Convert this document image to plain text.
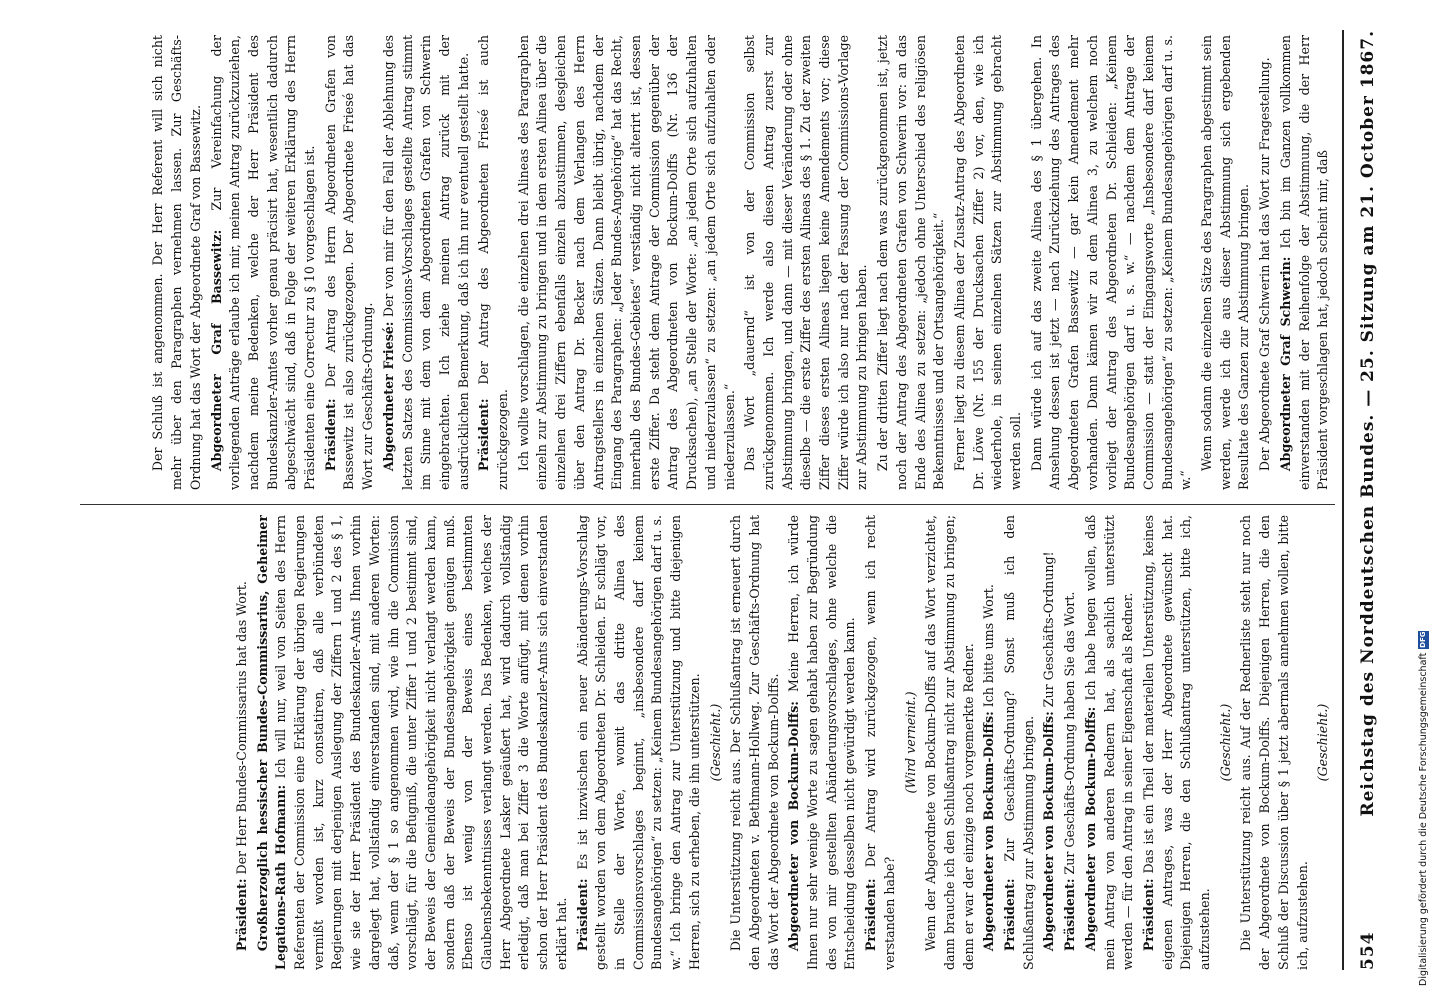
554
Reichstag des Norddeutschen Bundes. — 25. Sitzung am 21. October 1867.

Präsident: Der Herr Bundes-Commissarius hat das Wort. Großherzoglich hessischer Bundes-Commissarius, Geheimer Legations-Rath Hofmann: Ich will nur, weil von Seiten des Herrn Referenten der Commission eine Erklärung der übrigen Regierungen vermißt worden ist, kurz constatiren, daß alle verbündeten Regierungen mit derjenigen Auslegung der Ziffern 1 und 2 des § 1, wie sie der Herr Präsident des Bundeskanzler-Amts Ihnen vorhin dargelegt hat, vollständig einverstanden sind, mit anderen Worten: daß, wenn der § 1 so angenommen wird, wie ihn die Commission vorschlägt, für die Befugniß, die unter Ziffer 1 und 2 bestimmt sind, der Beweis der Gemeindeangehörigkeit nicht verlangt werden kann, sondern daß der Beweis der Bundesangehörigkeit genügen muß. Ebenso ist wenig von der Beweis eines bestimmten Glaubensbekenntnisses verlangt werden. Das Bedenken, welches der Herr Abgeordnete Lasker geäußert hat, wird dadurch vollständig erledigt, daß man bei Ziffer 3 die Worte anfügt, mit denen vorhin schon der Herr Präsident des Bundeskanzler-Amts sich einverstanden erklärt hat. Präsident: Es ist inzwischen ein neuer Abänderungs-Vorschlag gestellt worden von dem Abgeordneten Dr. Schleiden. Er schlägt vor, in Stelle der Worte, womit das dritte Alinea des Commissionsvorschlages beginnt, „insbesondere darf keinem Bundesangehörigen“ zu setzen: „Keinem Bundesangehörigen darf u. s. w.“ Ich bringe den Antrag zur Unterstützung und bitte diejenigen Herren, sich zu erheben, die ihn unterstützen. (Geschieht.) Die Unterstützung reicht aus. Der Schlußantrag ist erneuert durch den Abgeordneten v. Bethmann-Hollweg. Zur Geschäfts-Ordnung hat das Wort der Abgeordnete von Bockum-Dolffs. Abgeordneter von Bockum-Dolffs: Meine Herren, ich würde Ihnen nur sehr wenige Worte zu sagen gehabt haben zur Begründung des von mir gestellten Abänderungsvorschlages, ohne welche die Entscheidung desselben nicht gewürdigt werden kann. Präsident: Der Antrag wird zurückgezogen, wenn ich recht verstanden habe?

(Wird verneint.) Wenn der Abgeordnete von Bockum-Dolffs auf das Wort verzichtet, dann brauche ich den Schlußantrag nicht zur Abstimmung zu bringen; denn er war der einzige noch vorgemerkte Redner. Abgeordneter von Bockum-Dolffs: Ich bitte ums Wort.

Präsident: Zur Geschäfts-Ordnung? Sonst muß ich den Schlußantrag zur Abstimmung bringen. Abgeordneter von Bockum-Dolffs: Zur Geschäfts-Ordnung!

Präsident: Zur Geschäfts-Ordnung haben Sie das Wort. Abgeordneter von Bockum-Dolffs: Ich habe hegen wollen, daß mein Antrag von anderen Rednern hat, als sachlich unterstützt werden — für den Antrag in seiner Eigenschaft als Redner. Präsident: Das ist ein Theil der materiellen Unterstützung, keines eigenen Antrages, was der Herr Abgeordnete gewünscht hat. Diejenigen Herren, die den Schlußantrag unterstützen, bitte ich, aufzustehen.

(Geschieht.) Die Unterstützung reicht aus. Auf der Rednerliste steht nur noch der Abgeordnete von Bockum-Dolffs. Diejenigen Herren, die den Schluß der Discussion über § 1 jetzt abermals annehmen wollen, bitte ich, aufzustehen.

(Geschieht.)

Der Schluß ist angenommen. Der Herr Referent will sich nicht mehr über den Paragraphen vernehmen lassen. Zur Geschäfts-Ordnung hat das Wort der Abgeordnete Graf von Bassewitz. Abgeordneter Graf Bassewitz: Zur Vereinfachung der vorliegenden Anträge erlaube ich mir, meinen Antrag zurückzuziehen, nachdem meine Bedenken, welche der Herr Präsident des Bundeskanzler-Amtes vorher genau präcisirt hat, wesentlich dadurch abgeschwächt sind, daß in Folge der weiteren Erklärung des Herrn Präsidenten eine Correctur zu § 10 vorgeschlagen ist. Präsident: Der Antrag des Herrn Abgeordneten Grafen von Bassewitz ist also zurückgezogen. Der Abgeordnete Friesé hat das Wort zur Geschäfts-Ordnung. Abgeordneter Friesé: Der von mir für den Fall der Ablehnung des letzten Satzes des Commissions-Vorschlages gestellte Antrag stimmt im Sinne mit dem von dem Abgeordneten Grafen von Schwerin eingebrachten. Ich ziehe meinen Antrag zurück mit der ausdrücklichen Bemerkung, daß ich ihn nur eventuell gestellt hatte. Präsident: Der Antrag des Abgeordneten Friesé ist auch zurückgezogen. Ich wollte vorschlagen, die einzelnen drei Alineas des Paragraphen einzeln zur Abstimmung zu bringen und in dem ersten Alinea über die einzelnen drei Ziffern ebenfalls einzeln abzustimmen, desgleichen über den Antrag Dr. Becker nach dem Verlangen des Herrn Antragstellers in einzelnen Sätzen. Dann bleibt übrig, nachdem der Eingang des Paragraphen: „Jeder Bundes-Angehörige“ hat das Recht, innerhalb des Bundes-Gebietes“ verständig nicht alterirt ist, dessen erste Ziffer. Da steht dem Antrage der Commission gegenüber der Antrag des Abgeordneten von Bockum-Dolffs (Nr. 136 der Drucksachen), „an Stelle der Worte: „an jedem Orte sich aufzuhalten und niederzulassen“ zu setzen: „an jedem Orte sich aufzuhalten oder niederzulassen.“ Das Wort „dauernd“ ist von der Commission selbst zurückgenommen. Ich werde also diesen Antrag zuerst zur Abstimmung bringen, und dann — mit dieser Veränderung oder ohne dieselbe — die erste Ziffer des ersten Alineas des § 1. Zu der zweiten Ziffer dieses ersten Alineas liegen keine Amendements vor; diese Ziffer würde ich also nur nach der Fassung der Commissions-Vorlage zur Abstimmung zu bringen haben. Zu der dritten Ziffer liegt nach dem was zurückgenommen ist, jetzt noch der Antrag des Abgeordneten Grafen von Schwerin vor: an das Ende des Alinea zu setzen: „jedoch ohne Unterschied des religiösen Bekenntnisses und der Ortsangehörigkeit.“ Ferner liegt zu diesem Alinea der Zusatz-Antrag des Abgeordneten Dr. Löwe (Nr. 155 der Drucksachen Ziffer 2) vor, den, wie ich wiederhole, in seinen einzelnen Sätzen zur Abstimmung gebracht werden soll. Dann würde ich auf das zweite Alinea des § 1 übergehen. In Ansehung dessen ist jetzt — nach Zurückziehung des Antrages des Abgeordneten Grafen Bassewitz — gar kein Amendement mehr vorhanden. Dann kämen wir zu dem Alinea 3, zu welchem noch vorliegt der Antrag des Abgeordneten Dr. Schleiden: „Keinem Bundesangehörigen darf u. s. w.“ — nachdem dem Antrage der Commission — statt der Eingangsworte „Insbesondere darf keinem Bundesangehörigen“ zu setzen: „Keinem Bundesangehörigen darf u. s. w.“

Wenn sodann die einzelnen Sätze des Paragraphen abgestimmt sein werden, werde ich die aus dieser Abstimmung sich ergebenden Resultate des Ganzen zur Abstimmung bringen. Der Abgeordnete Graf Schwerin hat das Wort zur Fragestellung. Abgeordneter Graf Schwerin: Ich bin im Ganzen vollkommen einverstanden mit der Reihenfolge der Abstimmung, die der Herr Präsident vorgeschlagen hat, jedoch scheint mir, daß

Digitalisierung gefördert durch die Deutsche Forschungsgemeinschaft
DFG
